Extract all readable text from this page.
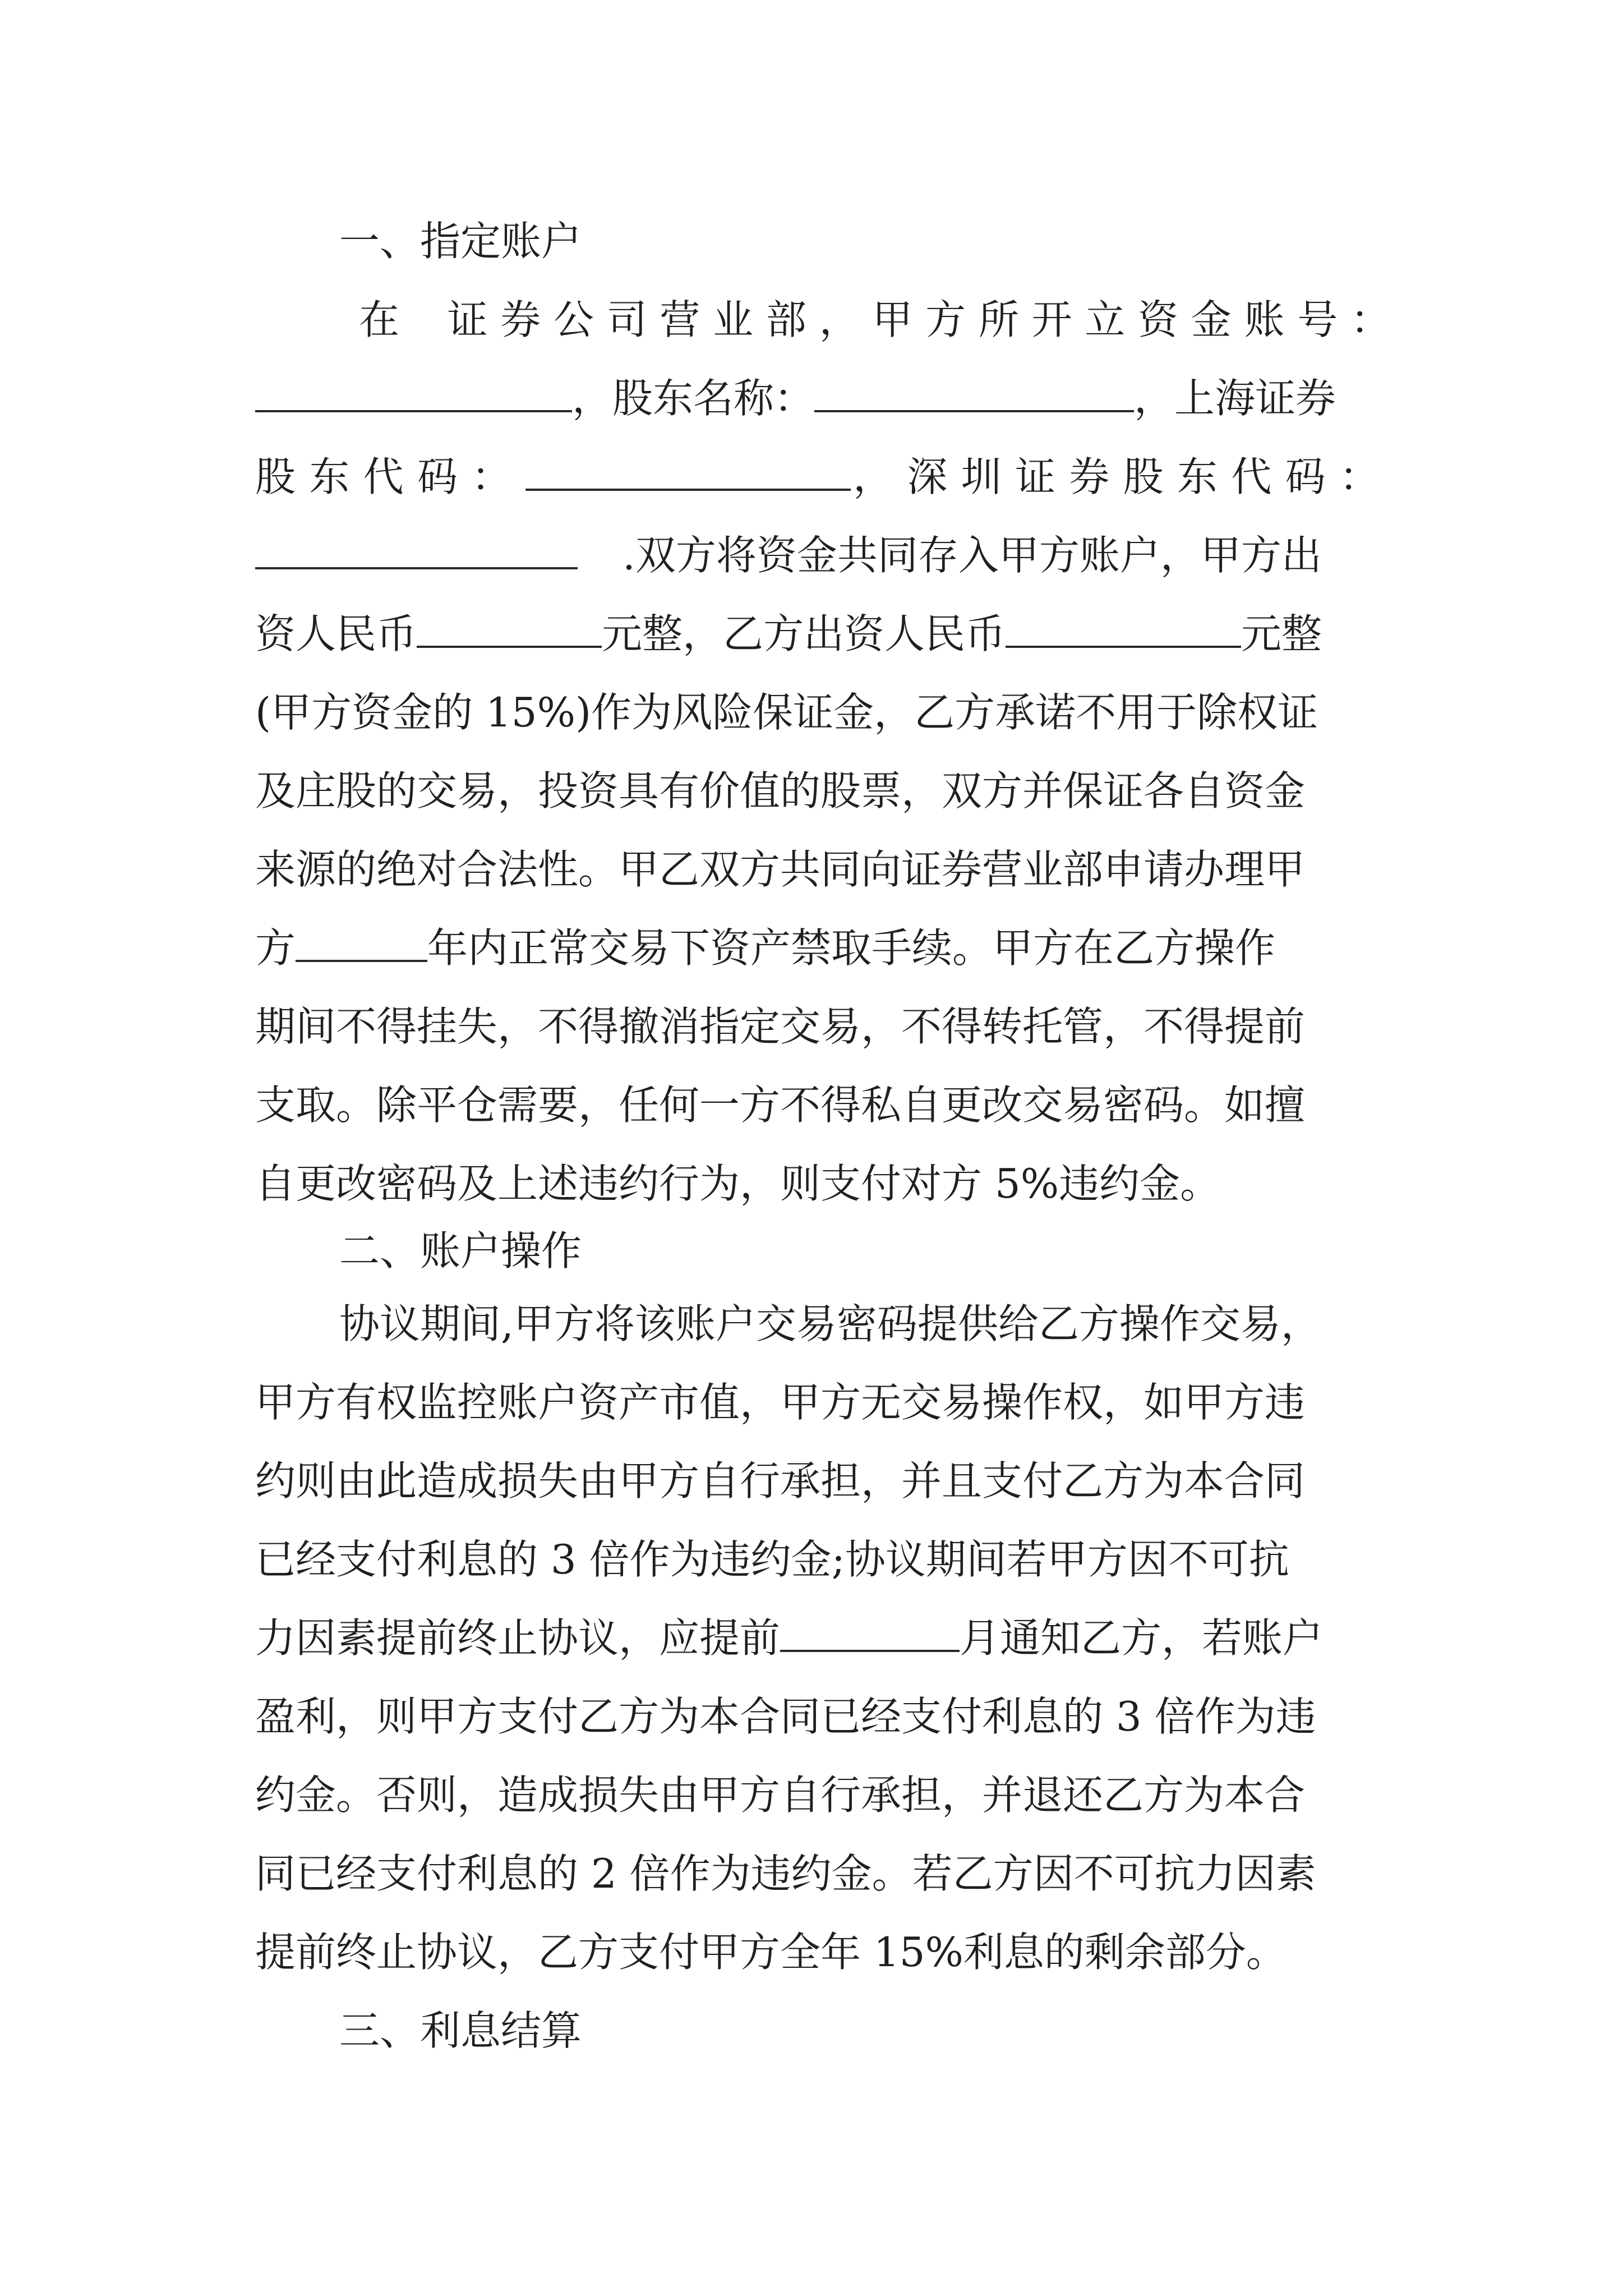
一、指定账户
在 证券公司营业部，甲方所开立资金账号：
，股东名称：	，上海证券
股东代码：	，深圳证券股东代码：
.双方将资金共同存入甲方账户，甲方出
资人民币	元整，乙方出资人民币	元整
(甲方资金的 15%)作为风险保证金，乙方承诺不用于除权证
及庄股的交易，投资具有价值的股票，双方并保证各自资金
来源的绝对合法性。甲乙双方共同向证券营业部申请办理甲
方	年内正常交易下资产禁取手续。甲方在乙方操作
期间不得挂失，不得撤消指定交易，不得转托管，不得提前
支取。除平仓需要，任何一方不得私自更改交易密码。如擅
自更改密码及上述违约行为，则支付对方 5%违约金。
二、账户操作
协议期间,甲方将该账户交易密码提供给乙方操作交易，
甲方有权监控账户资产市值，甲方无交易操作权，如甲方违
约则由此造成损失由甲方自行承担，并且支付乙方为本合同
已经支付利息的 3 倍作为违约金;协议期间若甲方因不可抗
力因素提前终止协议，应提前	月通知乙方，若账户
盈利，则甲方支付乙方为本合同已经支付利息的 3 倍作为违
约金。否则，造成损失由甲方自行承担，并退还乙方为本合
同已经支付利息的 2 倍作为违约金。若乙方因不可抗力因素
提前终止协议，乙方支付甲方全年 15%利息的剩余部分。
三、利息结算
